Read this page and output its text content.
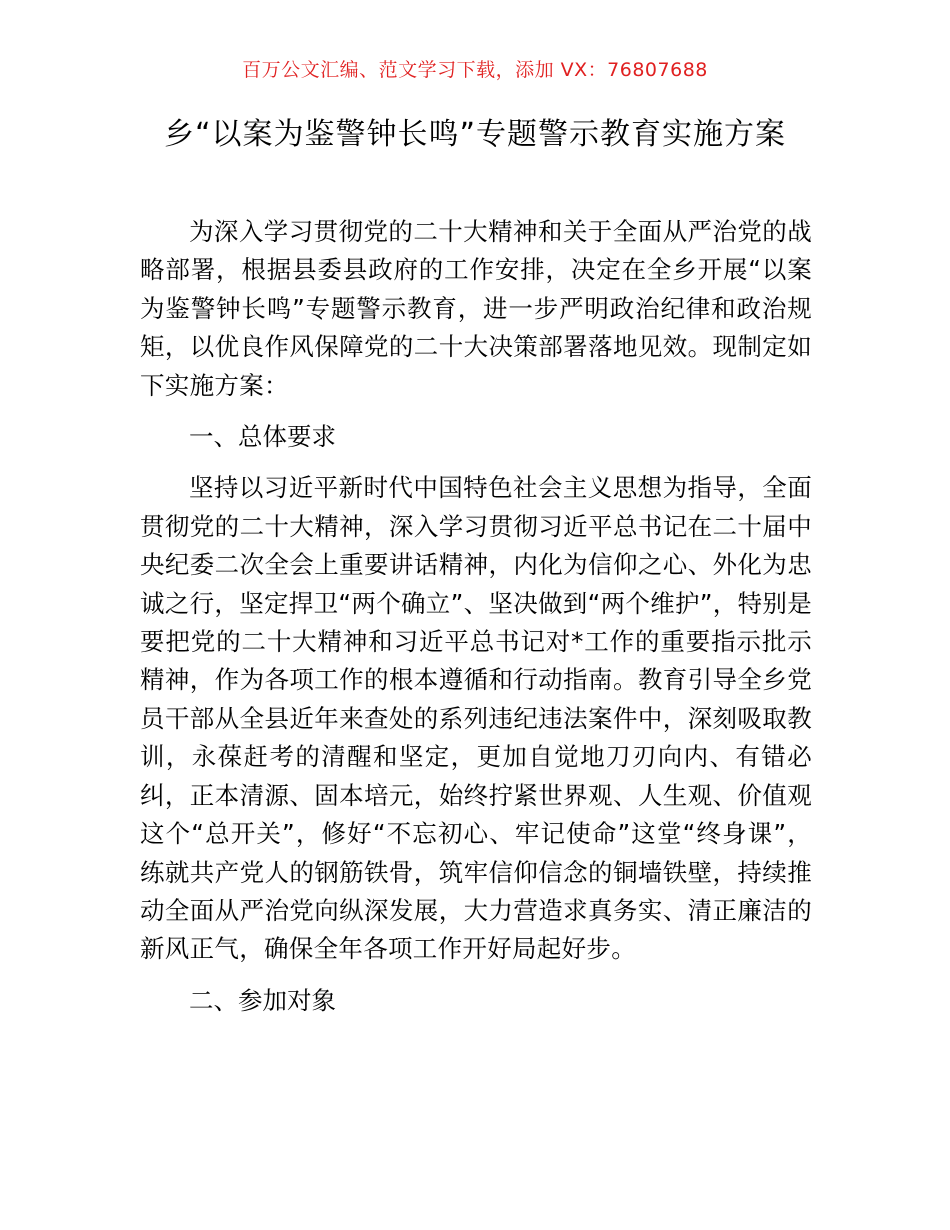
百万公文汇编、范文学习下载，添加 VX：76807688
乡“以案为鉴警钟长鸣”专题警示教育实施方案

为深入学习贯彻党的二十大精神和关于全面从严治党的战略部署，根据县委县政府的工作安排，决定在全乡开展“以案为鉴警钟长鸣”专题警示教育，进一步严明政治纪律和政治规矩，以优良作风保障党的二十大决策部署落地见效。现制定如下实施方案：

一、总体要求

坚持以习近平新时代中国特色社会主义思想为指导，全面贯彻党的二十大精神，深入学习贯彻习近平总书记在二十届中央纪委二次全会上重要讲话精神，内化为信仰之心、外化为忠诚之行，坚定捍卫“两个确立”、坚决做到“两个维护”，特别是要把党的二十大精神和习近平总书记对*工作的重要指示批示精神，作为各项工作的根本遵循和行动指南。教育引导全乡党员干部从全县近年来查处的系列违纪违法案件中，深刻吸取教训，永葆赶考的清醒和坚定，更加自觉地刀刃向内、有错必纠，正本清源、固本培元，始终拧紧世界观、人生观、价值观这个“总开关”，修好“不忘初心、牢记使命”这堂“终身课”，练就共产党人的钢筋铁骨，筑牢信仰信念的铜墙铁壁，持续推动全面从严治党向纵深发展，大力营造求真务实、清正廉洁的新风正气，确保全年各项工作开好局起好步。

二、参加对象
